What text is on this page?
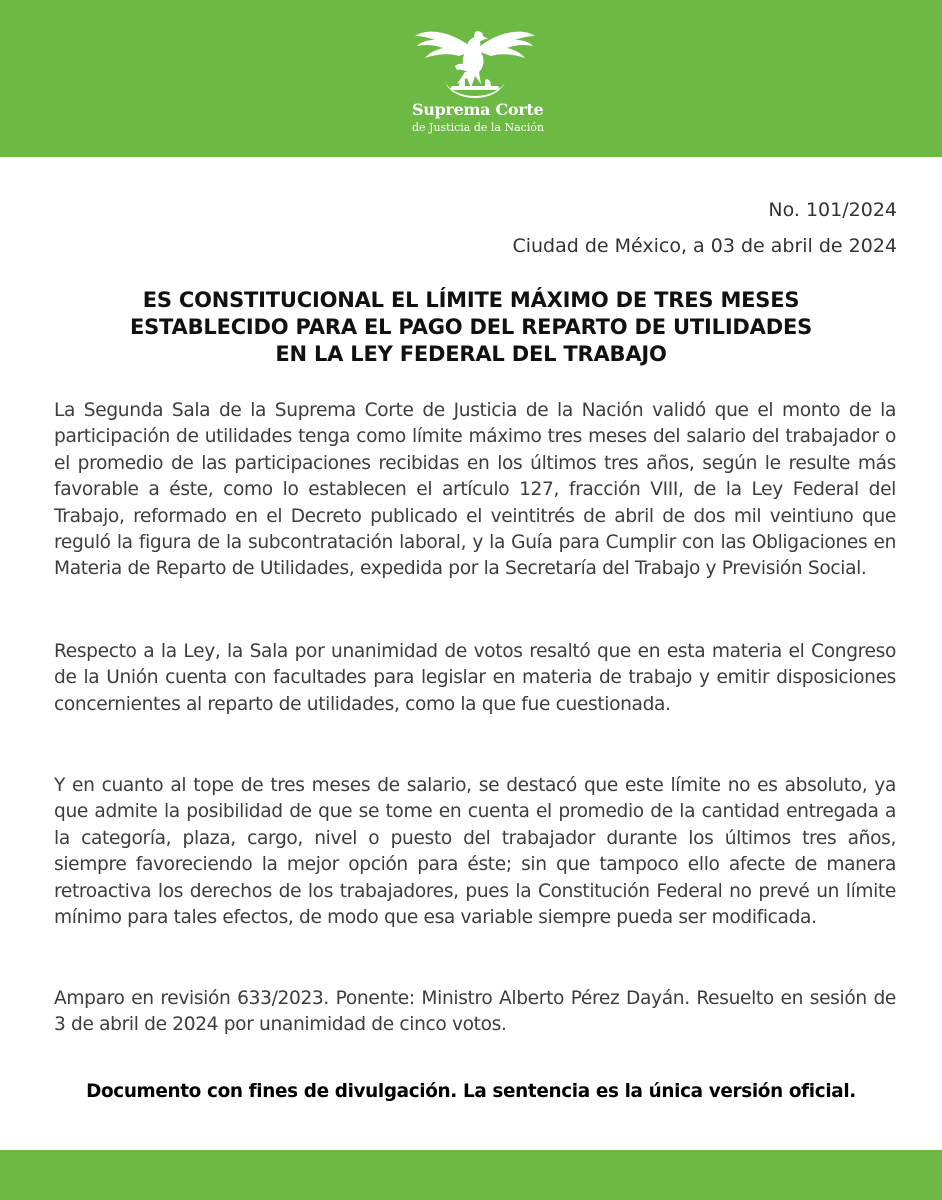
Suprema Corte
de Justicia de la Nación
No. 101/2024
Ciudad de México, a 03 de abril de 2024
ES CONSTITUCIONAL EL LÍMITE MÁXIMO DE TRES MESES
ESTABLECIDO PARA EL PAGO DEL REPARTO DE UTILIDADES
EN LA LEY FEDERAL DEL TRABAJO

La Segunda Sala de la Suprema Corte de Justicia de la Nación validó que el monto de la participación de utilidades tenga como límite máximo tres meses del salario del trabajador o el promedio de las participaciones recibidas en los últimos tres años, según le resulte más favorable a éste, como lo establecen el artículo 127, fracción VIII, de la Ley Federal del Trabajo, reformado en el Decreto publicado el veintitrés de abril de dos mil veintiuno que reguló la figura de la subcontratación laboral, y la Guía para Cumplir con las Obligaciones en Materia de Reparto de Utilidades, expedida por la Secretaría del Trabajo y Previsión Social.

Respecto a la Ley, la Sala por unanimidad de votos resaltó que en esta materia el Congreso de la Unión cuenta con facultades para legislar en materia de trabajo y emitir disposiciones concernientes al reparto de utilidades, como la que fue cuestionada.

Y en cuanto al tope de tres meses de salario, se destacó que este límite no es absoluto, ya que admite la posibilidad de que se tome en cuenta el promedio de la cantidad entregada a la categoría, plaza, cargo, nivel o puesto del trabajador durante los últimos tres años, siempre favoreciendo la mejor opción para éste; sin que tampoco ello afecte de manera retroactiva los derechos de los trabajadores, pues la Constitución Federal no prevé un límite mínimo para tales efectos, de modo que esa variable siempre pueda ser modificada.

Amparo en revisión 633/2023. Ponente: Ministro Alberto Pérez Dayán. Resuelto en sesión de 3 de abril de 2024 por unanimidad de cinco votos.

Documento con fines de divulgación. La sentencia es la única versión oficial.
